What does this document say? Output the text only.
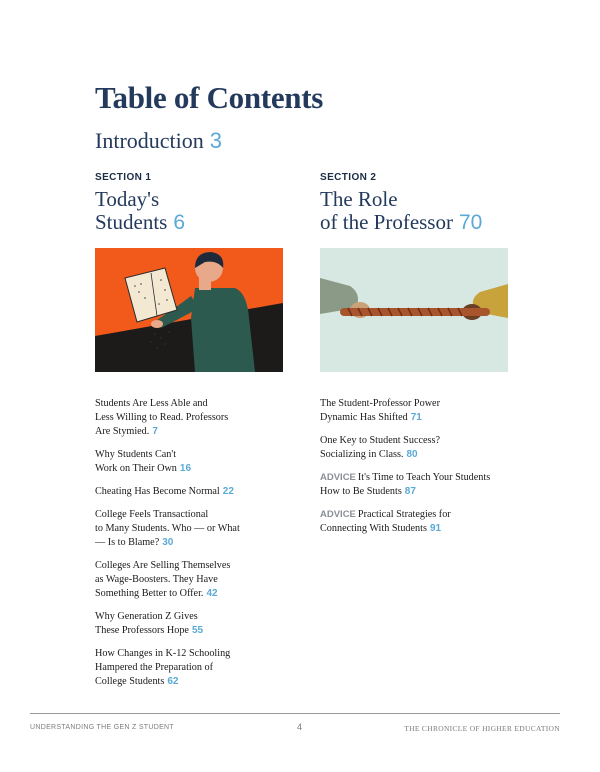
Table of Contents
Introduction 3
SECTION 1
Today's
Students 6
SECTION 2
The Role
of the Professor 70
Students Are Less Able and
Less Willing to Read. Professors
Are Stymied. 7
Why Students Can't
Work on Their Own 16
Cheating Has Become Normal 22
College Feels Transactional
to Many Students. Who — or What
— Is to Blame? 30
Colleges Are Selling Themselves
as Wage-Boosters. They Have
Something Better to Offer. 42
Why Generation Z Gives
These Professors Hope 55
How Changes in K-12 Schooling
Hampered the Preparation of
College Students 62
The Student-Professor Power
Dynamic Has Shifted 71
One Key to Student Success?
Socializing in Class. 80
ADVICE It's Time to Teach Your Students
How to Be Students 87
ADVICE Practical Strategies for
Connecting With Students 91
UNDERSTANDING THE GEN Z STUDENT	4	THE CHRONICLE OF HIGHER EDUCATION
